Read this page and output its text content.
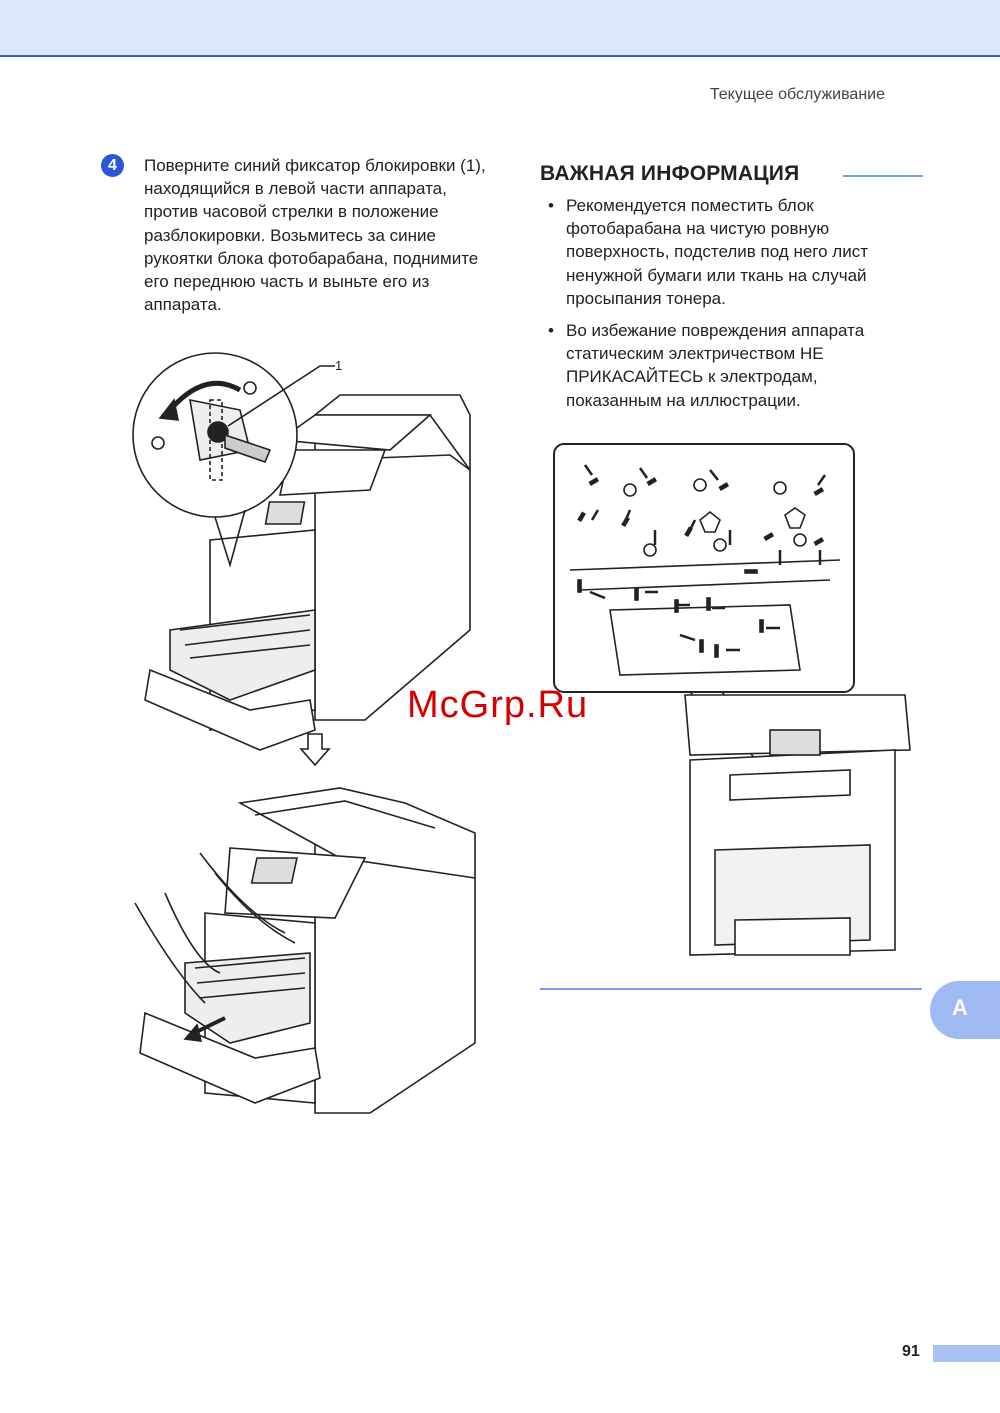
Текущее обслуживание
4	Поверните синий фиксатор блокировки (1), находящийся в левой части аппарата, против часовой стрелки в положение разблокировки. Возьмитесь за синие рукоятки блока фотобарабана, поднимите его переднюю часть и выньте его из аппарата.
1
ВАЖНАЯ ИНФОРМАЦИЯ
• Рекомендуется поместить блок фотобарабана на чистую ровную поверхность, подстелив под него лист ненужной бумаги или ткань на случай просыпания тонера.
• Во избежание повреждения аппарата статическим электричеством НЕ ПРИКАСАЙТЕСЬ к электродам, показанным на иллюстрации.
McGrp.Ru
A
91
